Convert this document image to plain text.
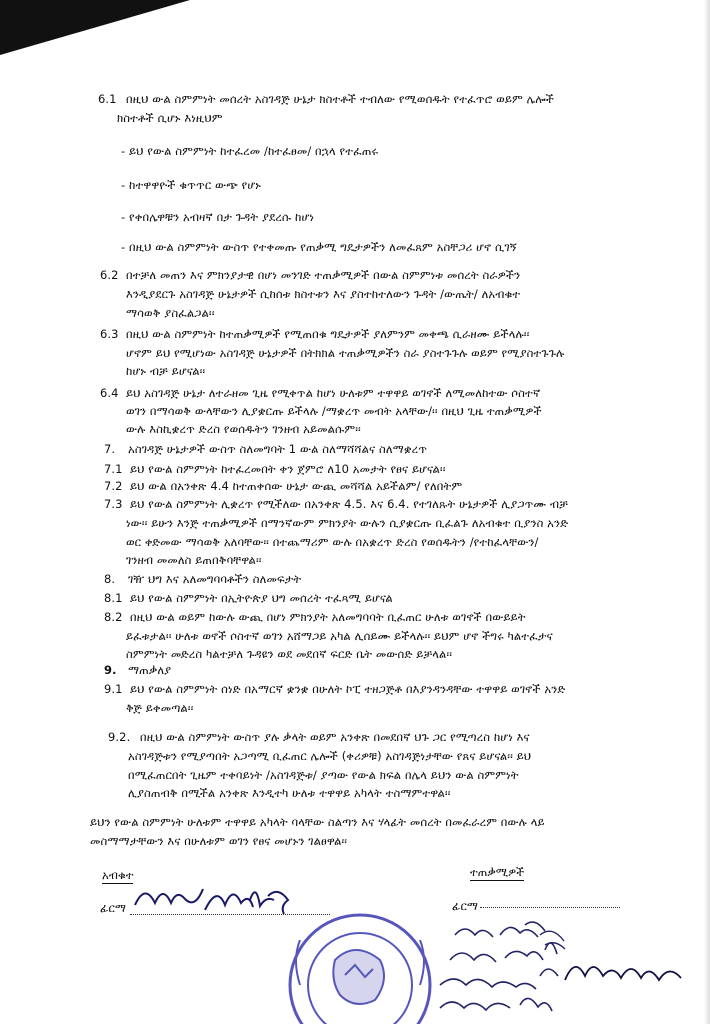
6.1 በዚህ ውል ስምምነት መሰረት አስገዳጅ ሁኔታ ክስተቶች ተብለው የሚወሰዱት የተፈጥሮ ወይም ሌሎች
ክስተቶች ሲሆኑ እነዚህም
- ይህ የውል ስምምነት ከተፈረመ /ከተፈፀመ/ በኋላ የተፈጠሩ
- ከተዋዋዮች ቁጥጥር ውጭ የሆኑ
- የቀበሌዋቹን አብዛኛ በታ ጉዳት ያደረሱ ከሆነ
- በዚህ ውል ስምምነት ውስጥ የተቀመጡ የጠቃሚ ግዴታዎችን ለመፈጸም አስቸጋሪ ሆኖ ሲገኝ
6.2 በተቻለ መጠን እና ምክንያታዊ በሆነ መንገድ ተጠቃሚዎች በውል ስምምነቱ መሰረት ስራዎችን
እንዲያደርጉ አስገዳጅ ሁኔታዎች ሲከሰቱ ክስተቱን እና ያስተከተለውን ጉዳት /ውጤት/ ለአብቁተ
ማሳወቅ ያስፈልጋል፡፡
6.3 በዚህ ውል ስምምነት ከተጠቃሚዎች የሚጠበቁ ግዴታዎች ያለምንም መቀጫ ሲራዘሙ ይችላሉ፡፡
ሆኖም ይህ የሚሆነው አስገዳጅ ሁኔታዎች በትክክል ተጠቃሚዎችን ስራ ያስተጉጉሉ ወይም የሚያስተጉጉሉ
ከሆኑ ብቻ ይሆናል፡፡
6.4 ይህ አስገዳጅ ሁኔታ ለተራዘመ ጊዜ የሚቀጥል ከሆነ ሁለቱም ተዋዋይ ወገኖች ለሚመለከተው ሶስተኛ
ወገን በማሳወቅ ውላቸውን ሊያቋርጡ ይችላሉ /ማቋረጥ መብት አላቸው/፡፡ በዚህ ጊዜ ተጠቃሚዎች
ውሉ እስኪቋረጥ ድረስ የወሰዱትን ገንዘብ አይመልሱም፡፡
7. አስገዳጅ ሁኔታዎች ውስጥ ስለመግባት 1 ውል ስለማሻሻልና ስለማቋረጥ
7.1 ይህ የውል ስምምነት ከተፈረመበት ቀን ጀምሮ ለ10 አመታት የፀና ይሆናል፡፡
7.2 ይህ ውል በአንቀጽ 4.4 ከተጠቀሰው ሁኔታ ውጪ መሻሻል አይችልም/ የለበትም
7.3 ይህ የውል ስምምነት ሊቋረጥ የሚችለው በአንቀጽ 4.5. እና 6.4. የተገለጹት ሁኔታዎች ሊያጋጥሙ ብቻ
ነው፡፡ ይሁን እንጅ ተጠቃሚዎች በማንኛውም ምክንያት ውሉን ሲያቋርጡ ቢፈልጉ ለአብቁተ ቢያንስ አንድ
ወር ቀድመው ማሳወቅ አለባቸው፡፡ በተጨማሪም ውሉ በአቋረጥ ድረስ የወሰዱትን /የተከፈላቸውን/
ገንዘብ መመለስ ይጠበቅባቸዋል፡፡
8. ገዥ ህግ እና አለመግባባቶችን ስለመፍታት
8.1 ይህ የውል ስምምነት በኢትዮጵያ ህግ መሰረት ተፈጻሚ ይሆናል
8.2 በዚህ ውል ወይም ከውሉ ውጪ በሆነ ምክንያት አለመግባባት ቢፈጠር ሁለቱ ወገኖች በውይይት
ይፈቱታል፡፡ ሁለቱ ወኖች ሶስተኛ ወገን አሸማጋይ አካል ሊሰይሙ ይችላሉ፡፡ ይህም ሆኖ ችግሩ ካልተፈታና
ስምምነት መድረስ ካልተቻለ ጉዳዩን ወደ መደበኛ ፍርድ ቤት መውሰድ ይቻላል፡፡
9. ማጠቃለያ
9.1 ይህ የውል ስምምነት ሰነድ በአማርኛ ቋንቋ በሁለት ኮፒ ተዘጋጅቶ በእያንዳንዳቸው ተዋዋይ ወገኖች አንድ
ቅጅ ይቀመጣል፡፡
9.2. በዚህ ውል ስምምነት ውስጥ ያሉ ቃላት ወይም አንቀጽ በመደበኛ ህጉ ጋር የሚጣረስ ከሆነ እና
አስገዳጅቱን የሚያጣበት አጋጣሚ ቢፈጠር ሌሎች (ቀሪዎቹ) አስገዳጅነታቸው የጸና ይሆናል፡፡ ይህ
በሚፈጠርበት ጊዜም ተቀባይነት /አስገዳጅቱ/ ያጣው የውል ክፍል በሌላ ይህን ውል ስምምነት
ሊያስጠብቅ በሚችል አንቀጽ እንዲተካ ሁለቱ ተዋዋይ አካላት ተስማምተዋል፡፡
ይህን የውል ስምምነት ሁለቱም ተዋዋይ አካላት ባላቸው ስልጣን እና ሃላፊት መሰረት በመፈራረም በውሉ ላይ
መስማማታቸውን እና በሁለቱም ወገን የፀና መሆኑን ገልፀዋል፡፡
አብቁተ
ፊርማ
ተጠቃሚዎች
ፊርማ
